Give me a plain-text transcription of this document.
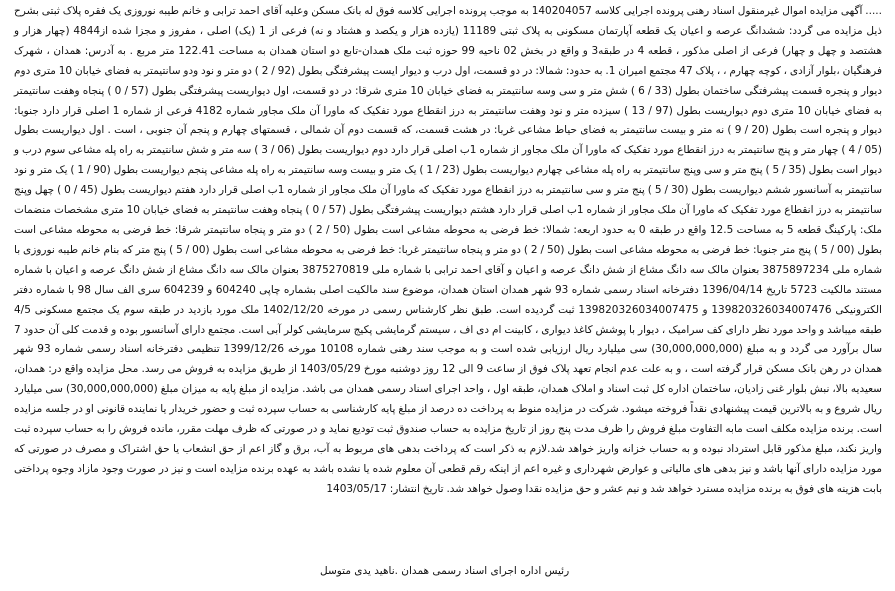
..... آگهی مزایده اموال غیرمنقول اسناد رهنی پرونده اجرایی کلاسه 140204057 به موجب پرونده اجرایی کلاسه فوق له بانک مسکن وعلیه آقای احمد ترابی و خانم طیبه نوروزی یک فقره پلاک ثبتی بشرح ذیل مزایده می گردد: ششدانگ عرصه و اعیان یک قطعه آپارتمان مسکونی به پلاک ثبتی 11189 (یازده هزار و یکصد و هشتاد و نه) فرعی از 1 (یک) اصلی ، مفروز و مجزا شده از4844 (چهار هزار و هشتصد و چهل و چهار) فرعی از اصلی مذکور ، قطعه 4 در طبقه3 و واقع در بخش 02 ناحیه 99 حوزه ثبت ملک همدان-تابع دو استان همدان به مساحت 122.41 متر مربع . به آدرس: همدان ، شهرک فرهنگیان ،بلوار آزادی ، کوچه چهارم ، ، پلاک 47 مجتمع امیران 1. به حدود: شمالا: در دو قسمت، اول درب و دیوار ایست پیشرفتگی بطول (92 / 2 ) دو متر و نود ودو سانتیمتر به فضای خیابان 10 متری دوم دیوار و پنجره قسمت پیشرفتگی ساختمان بطول (33 / 6 ) شش متر و سی وسه سانتیمتر به فضای خیابان 10 متری شرقا: در دو قسمت، اول دیواریست پیشرفتگی بطول (57 / 0 ) پنجاه وهفت سانتیمتر به فضای خیابان 10 متری دوم دیواریست بطول (97 / 13 ) سیزده متر و نود وهفت سانتیمتر به درز انقطاع مورد تفکیک که ماورا آن ملک مجاور شماره 4182 فرعی از شماره 1 اصلی قرار دارد جنوبا: دیوار و پنجره است بطول (20 / 9 ) نه متر و بیست سانتیمتر به فضای حیاط مشاعی غربا: در هشت قسمت، که قسمت دوم آن شمالی ، قسمتهای چهارم و پنجم آن جنوبی ، است . اول دیواریست بطول (05 / 4 ) چهار متر و پنج سانتیمتر به درز انقطاع مورد تفکیک که ماورا آن ملک مجاور از شماره 1ب اصلی قرار دارد دوم دیواریست بطول (06 / 3 ) سه متر و شش سانتیمتر به راه پله مشاعی سوم درب و دیوار است بطول (35 / 5 ) پنج متر و سی وپنج سانتیمتر به راه پله مشاعی چهارم دیواریست بطول (23 / 1 ) یک متر و بیست وسه سانتیمتر به راه پله مشاعی پنجم دیواریست بطول (90 / 1 ) یک متر و نود سانتیمتر به آسانسور ششم دیواریست بطول (30 / 5 ) پنج متر و سی سانتیمتر به درز انقطاع مورد تفکیک که ماورا آن ملک مجاور از شماره 1ب اصلی قرار دارد هفتم دیواریست بطول (45 / 0 ) چهل وپنج سانتیمتر به درز انقطاع مورد تفکیک که ماورا آن ملک مجاور از شماره 1ب اصلی قرار دارد هشتم دیواریست پیشرفتگی بطول (57 / 0 ) پنجاه وهفت سانتیمتر به فضای خیابان 10 متری مشخصات منضمات ملک: پارکینگ قطعه 5 به مساحت 12.5 واقع در طبقه 0 به حدود اربعه: شمالا: خط فرضی به محوطه مشاعی است بطول (50 / 2 ) دو متر و پنجاه سانتیمتر شرقا: خط فرضی به محوطه مشاعی است بطول (00 / 5 ) پنج متر جنوبا: خط فرضی به محوطه مشاعی است بطول (50 / 2 ) دو متر و پنجاه سانتیمتر غربا: خط فرضی به محوطه مشاعی است بطول (00 / 5 ) پنج متر که بنام خانم طیبه نوروزی با شماره ملی 3875897234 بعنوان مالک سه دانگ مشاع از شش دانگ عرصه و اعیان و آقای احمد ترابی با شماره ملی 3875270819 بعنوان مالک سه دانگ مشاع از شش دانگ عرصه و اعیان با شماره مستند مالکیت 5723 تاریخ 1396/04/14 دفترخانه اسناد رسمی شماره 93 شهر همدان استان همدان، موضوع سند مالکیت اصلی بشماره چاپی 604240 و 604239 سری الف سال 98 با شماره دفتر الکترونیکی 139820326034007476 و 139820326034007475 ثبت گردیده است. طبق نظر کارشناس رسمی در مورخه 1402/12/20 ملک مورد بازدید در طبقه سوم یک مجتمع مسکونی 4/5 طبقه میباشد و واحد مورد نظر دارای کف سرامیک ، دیوار با پوشش کاغذ دیواری ، کابینت ام دی اف ، سیستم گرمایشی پکیج سرمایشی کولر آبی است. مجتمع دارای آسانسور بوده و قدمت کلی آن حدود 7 سال برآورد می گردد و به مبلغ (30,000,000,000) سی میلیارد ریال ارزیابی شده است و به موجب سند رهنی شماره 10108 مورخه 1399/12/26 تنظیمی دفترخانه اسناد رسمی شماره 93 شهر همدان در رهن بانک مسکن قرار گرفته است ، و به علت عدم انجام تعهد پلاک فوق از ساعت 9 الی 12 روز دوشنبه مورخ 1403/05/29 از طریق مزایده به فروش می رسد. محل مزایده واقع در: همدان، سعیدیه بالا، نبش بلوار غنی زادیان، ساختمان اداره کل ثبت اسناد و املاک همدان، طبقه اول ، واحد اجرای اسناد رسمی همدان می باشد. مزایده از مبلغ پایه به میزان مبلغ (30,000,000,000) سی میلیارد ریال شروع و به بالاترین قیمت پیشنهادی نقداً فروخته میشود. شرکت در مزایده منوط به پرداخت ده درصد از مبلغ پایه کارشناسی به حساب سپرده ثبت و حضور خریدار یا نماینده قانونی او در جلسه مزایده است. برنده مزایده مکلف است مابه التفاوت مبلغ فروش را ظرف مدت پنج روز از تاریخ مزایده به حساب صندوق ثبت تودیع نماید و در صورتی که ظرف مهلت مقرر، مانده فروش را به حساب سپرده ثبت واریز نکند، مبلغ مذکور قابل استرداد نبوده و به حساب خزانه واریز خواهد شد.لازم به ذکر است که پرداخت بدهی های مربوط به آب، برق و گاز اعم از حق انشعاب یا حق اشتراک و مصرف در صورتی که مورد مزایده دارای آنها باشد و نیز بدهی های مالیاتی و عوارض شهرداری و غیره اعم از اینکه رقم قطعی آن معلوم شده یا نشده باشد به عهده برنده مزایده است و نیز در صورت وجود مازاد وجوه پرداختی بابت هزینه های فوق به برنده مزایده مسترد خواهد شد و نیم عشر و حق مزایده نقدا وصول خواهد شد. تاریخ انتشار: 1403/05/17

رئیس اداره اجرای اسناد رسمی همدان .ناهید یدی متوسل
